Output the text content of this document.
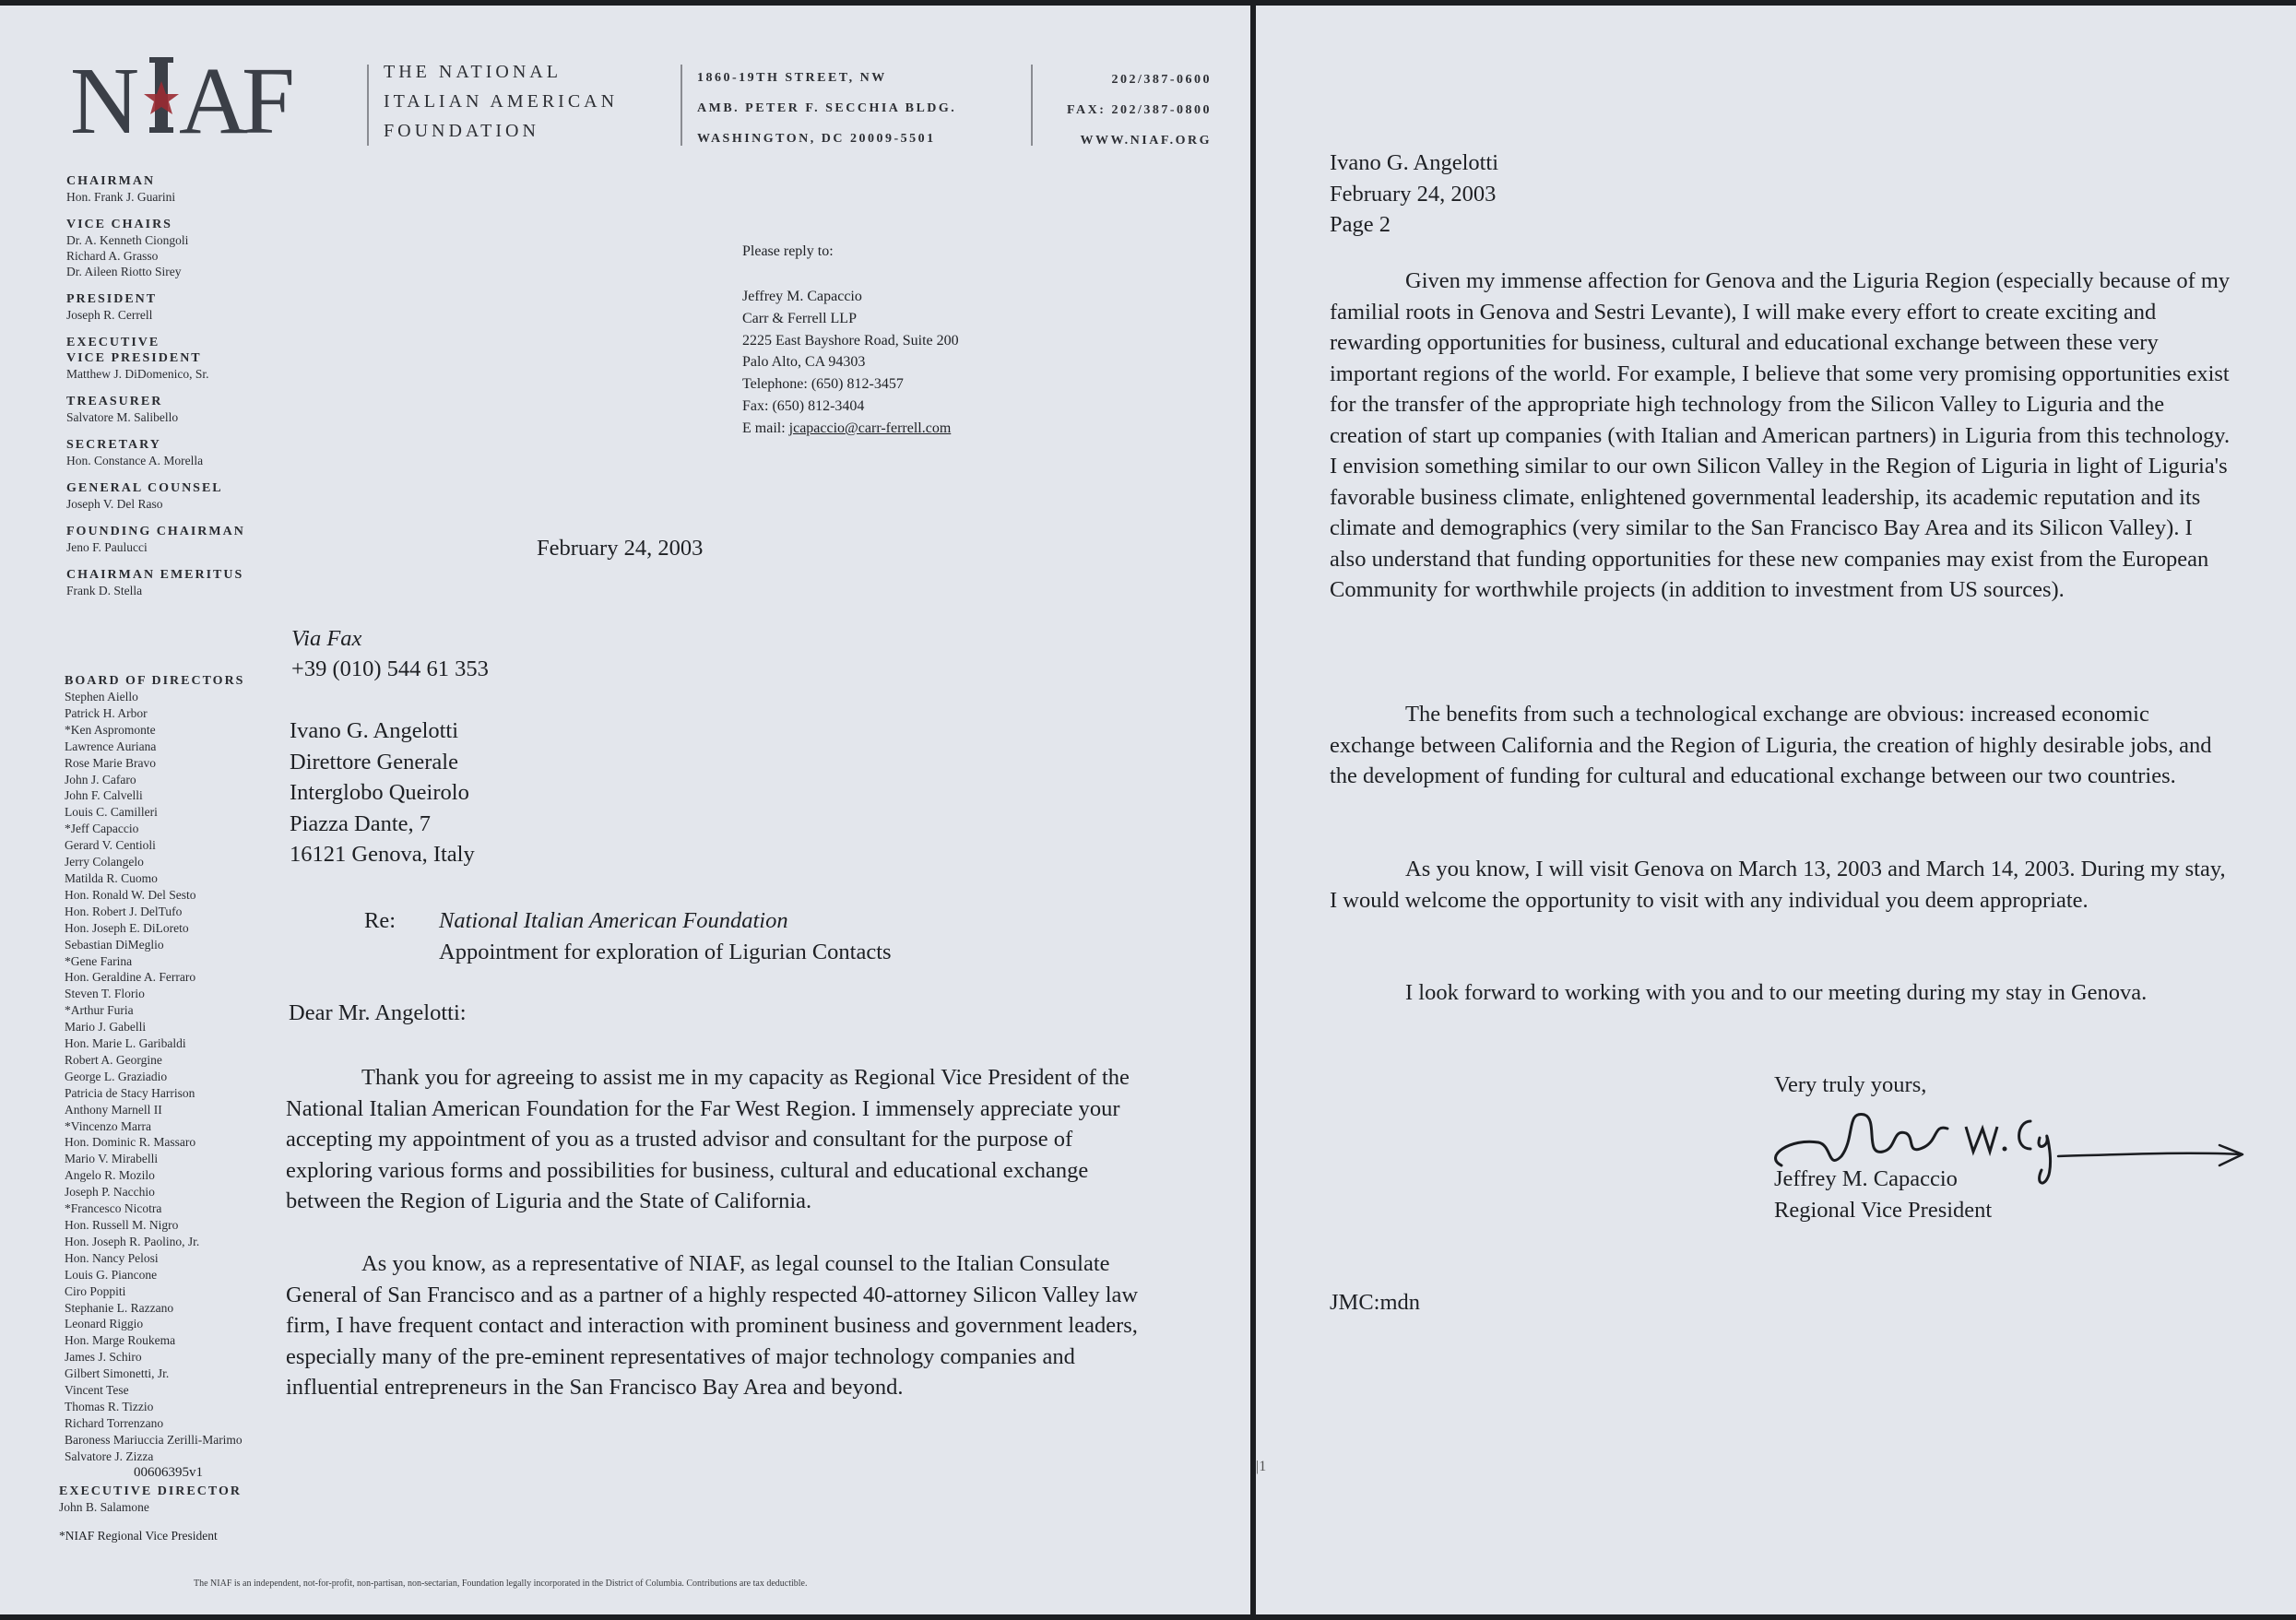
N A
F	THE NATIONAL
ITALIAN AMERICAN
FOUNDATION
1860-19TH STREET, NW
AMB. PETER F. SECCHIA BLDG.
WASHINGTON, DC 20009-5501
202/387-0600
FAX: 202/387-0800
WWW.NIAF.ORG
CHAIRMAN
Hon. Frank J. Guarini
VICE CHAIRS
Dr. A. Kenneth Ciongoli
Richard A. Grasso
Dr. Aileen Riotto Sirey
PRESIDENT
Joseph R. Cerrell
EXECUTIVE
VICE PRESIDENT
Matthew J. DiDomenico, Sr.
TREASURER
Salvatore M. Salibello
SECRETARY
Hon. Constance A. Morella
GENERAL COUNSEL
Joseph V. Del Raso
FOUNDING CHAIRMAN
Jeno F. Paulucci
CHAIRMAN EMERITUS
Frank D. Stella
BOARD OF DIRECTORS
Stephen Aiello
Patrick H. Arbor
*Ken Aspromonte
Lawrence Auriana
Rose Marie Bravo
John J. Cafaro
John F. Calvelli
Louis C. Camilleri
*Jeff Capaccio
Gerard V. Centioli
Jerry Colangelo
Matilda R. Cuomo
Hon. Ronald W. Del Sesto
Hon. Robert J. DelTufo
Hon. Joseph E. DiLoreto
Sebastian DiMeglio
*Gene Farina
Hon. Geraldine A. Ferraro
Steven T. Florio
*Arthur Furia
Mario J. Gabelli
Hon. Marie L. Garibaldi
Robert A. Georgine
George L. Graziadio
Patricia de Stacy Harrison
Anthony Marnell II
*Vincenzo Marra
Hon. Dominic R. Massaro
Mario V. Mirabelli
Angelo R. Mozilo
Joseph P. Nacchio
*Francesco Nicotra
Hon. Russell M. Nigro
Hon. Joseph R. Paolino, Jr.
Hon. Nancy Pelosi
Louis G. Piancone
Ciro Poppiti
Stephanie L. Razzano
Leonard Riggio
Hon. Marge Roukema
James J. Schiro
Gilbert Simonetti, Jr.
Vincent Tese
Thomas R. Tizzio
Richard Torrenzano
Baroness Mariuccia Zerilli-Marimo
Salvatore J. Zizza
00606395v1
EXECUTIVE DIRECTOR
John B. Salamone
*NIAF Regional Vice President
The NIAF is an independent, not-for-profit, non-partisan, non-sectarian, Foundation legally incorporated in the District of Columbia. Contributions are tax deductible.
Please reply to:
Jeffrey M. Capaccio
Carr & Ferrell LLP
2225 East Bayshore Road, Suite 200
Palo Alto, CA 94303
Telephone: (650) 812-3457
Fax: (650) 812-3404
E mail: jcapaccio@carr-ferrell.com
February 24, 2003
Via Fax
+39 (010) 544 61 353
Ivano G. Angelotti
Direttore Generale
Interglobo Queirolo
Piazza Dante, 7
16121 Genova, Italy
Re: National Italian American Foundation
Appointment for exploration of Ligurian Contacts
Dear Mr. Angelotti:
Thank you for agreeing to assist me in my capacity as Regional Vice President of the National Italian American Foundation for the Far West Region. I immensely appreciate your accepting my appointment of you as a trusted advisor and consultant for the purpose of exploring various forms and possibilities for business, cultural and educational exchange between the Region of Liguria and the State of California.
As you know, as a representative of NIAF, as legal counsel to the Italian Consulate General of San Francisco and as a partner of a highly respected 40-attorney Silicon Valley law firm, I have frequent contact and interaction with prominent business and government leaders, especially many of the pre-eminent representatives of major technology companies and influential entrepreneurs in the San Francisco Bay Area and beyond.
Ivano G. Angelotti
February 24, 2003
Page 2
Given my immense affection for Genova and the Liguria Region (especially because of my familial roots in Genova and Sestri Levante), I will make every effort to create exciting and rewarding opportunities for business, cultural and educational exchange between these very important regions of the world. For example, I believe that some very promising opportunities exist for the transfer of the appropriate high technology from the Silicon Valley to Liguria and the creation of start up companies (with Italian and American partners) in Liguria from this technology. I envision something similar to our own Silicon Valley in the Region of Liguria in light of Liguria's favorable business climate, enlightened governmental leadership, its academic reputation and its climate and demographics (very similar to the San Francisco Bay Area and its Silicon Valley). I also understand that funding opportunities for these new companies may exist from the European Community for worthwhile projects (in addition to investment from US sources).
The benefits from such a technological exchange are obvious: increased economic exchange between California and the Region of Liguria, the creation of highly desirable jobs, and the development of funding for cultural and educational exchange between our two countries.
As you know, I will visit Genova on March 13, 2003 and March 14, 2003. During my stay, I would welcome the opportunity to visit with any individual you deem appropriate.
I look forward to working with you and to our meeting during my stay in Genova.
Very truly yours,
Jeffrey M. Capaccio
Regional Vice President
JMC:mdn
|1
